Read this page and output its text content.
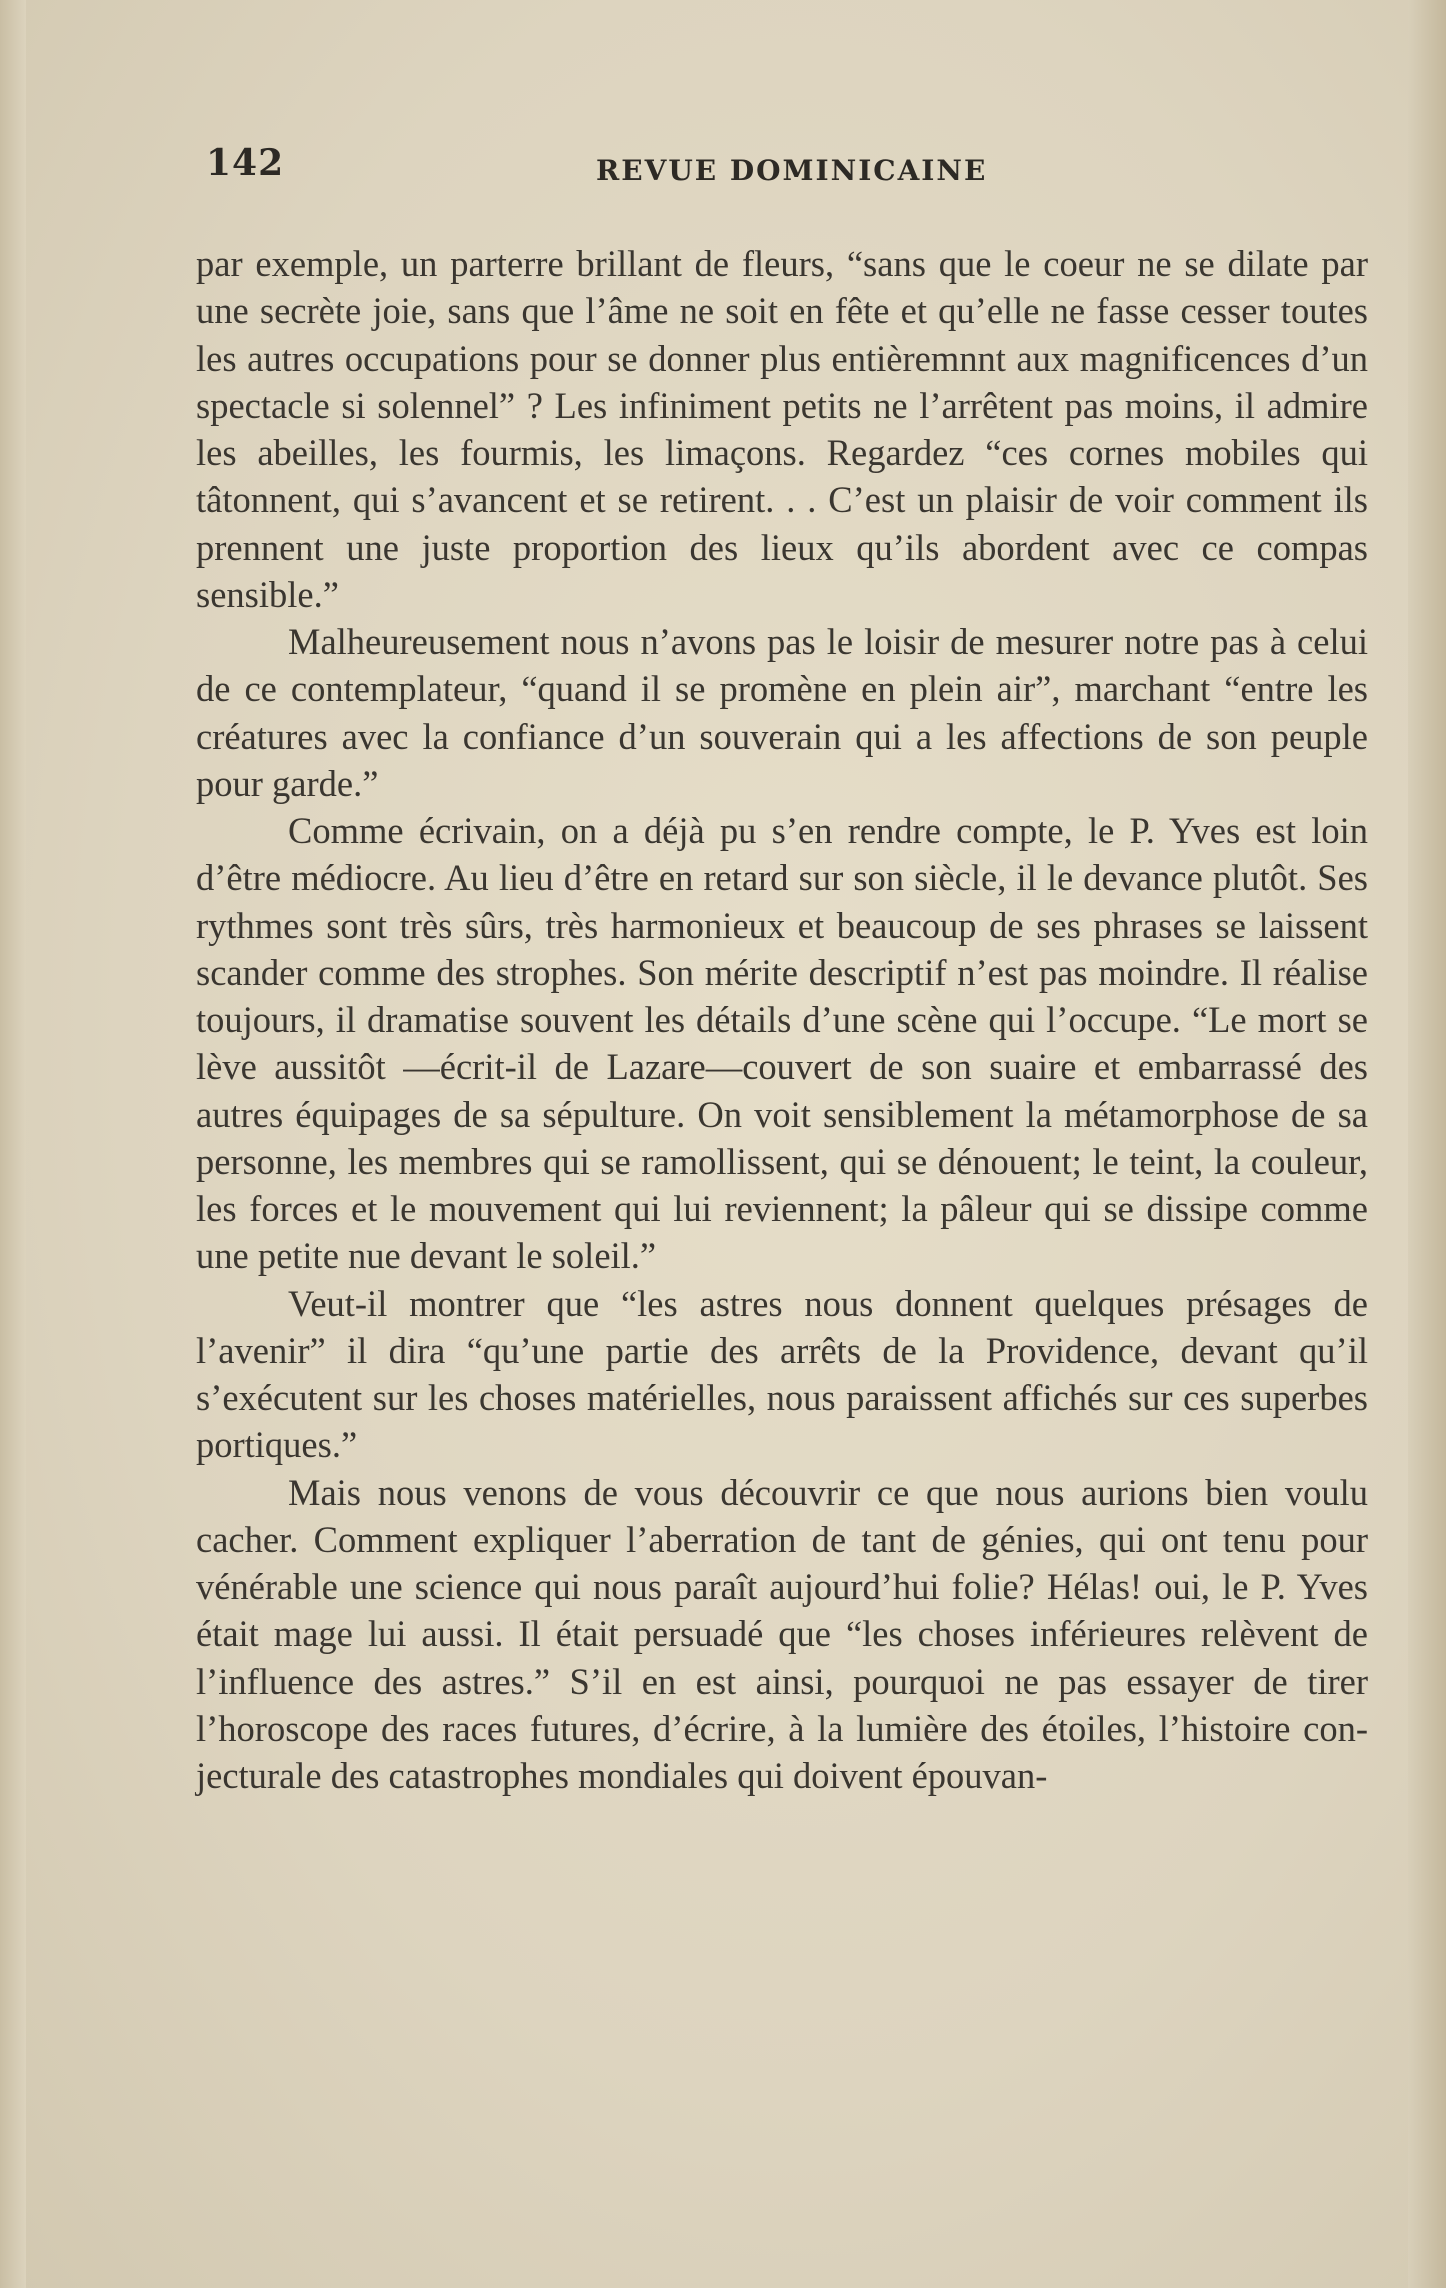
142	REVUE DOMINICAINE

par exemple, un parterre brillant de fleurs, “sans que le coeur ne se dilate par une secrète joie, sans que l’âme ne soit en fête et qu’elle ne fasse cesser toutes les autres occupations pour se donner plus entièremnnt aux magnificences d’un spectacle si solennel” ? Les infiniment petits ne l’arrêtent pas moins, il admire les abeilles, les fourmis, les limaçons. Regardez “ces cornes mobiles qui tâtonnent, qui s’avancent et se retirent. . . C’est un plaisir de voir comment ils prennent une juste proportion des lieux qu’ils abordent avec ce compas sensible.”

Malheureusement nous n’avons pas le loisir de mesurer notre pas à celui de ce contemplateur, “quand il se promène en plein air”, marchant “entre les créatures avec la confiance d’un souverain qui a les affections de son peuple pour garde.”

Comme écrivain, on a déjà pu s’en rendre compte, le P. Yves est loin d’être médiocre. Au lieu d’être en retard sur son siècle, il le devance plutôt. Ses rythmes sont très sûrs, très harmonieux et beaucoup de ses phrases se laissent scander comme des strophes. Son mérite descriptif n’est pas moindre. Il réalise toujours, il dramatise souvent les détails d’une scène qui l’occupe. “Le mort se lève aussitôt —écrit-il de Lazare—couvert de son suaire et embarrassé des autres équipages de sa sépulture. On voit sensiblement la métamorphose de sa personne, les membres qui se ramollissent, qui se dénouent; le teint, la couleur, les forces et le mouvement qui lui reviennent; la pâleur qui se dissipe comme une petite nue devant le soleil.”

Veut-il montrer que “les astres nous donnent quelques présages de l’avenir” il dira “qu’une partie des arrêts de la Providence, devant qu’il s’exécutent sur les choses matérielles, nous paraissent affichés sur ces superbes portiques.”

Mais nous venons de vous découvrir ce que nous aurions bien voulu cacher. Comment expliquer l’aberration de tant de génies, qui ont tenu pour vénérable une science qui nous paraît aujourd’hui folie? Hélas! oui, le P. Yves était mage lui aussi. Il était persuadé que “les choses inférieures relèvent de l’influence des astres.” S’il en est ainsi, pourquoi ne pas essayer de tirer l’horoscope des races futures, d’écrire, à la lumière des étoiles, l’histoire conjecturale des catastrophes mondiales qui doivent épouvan-
